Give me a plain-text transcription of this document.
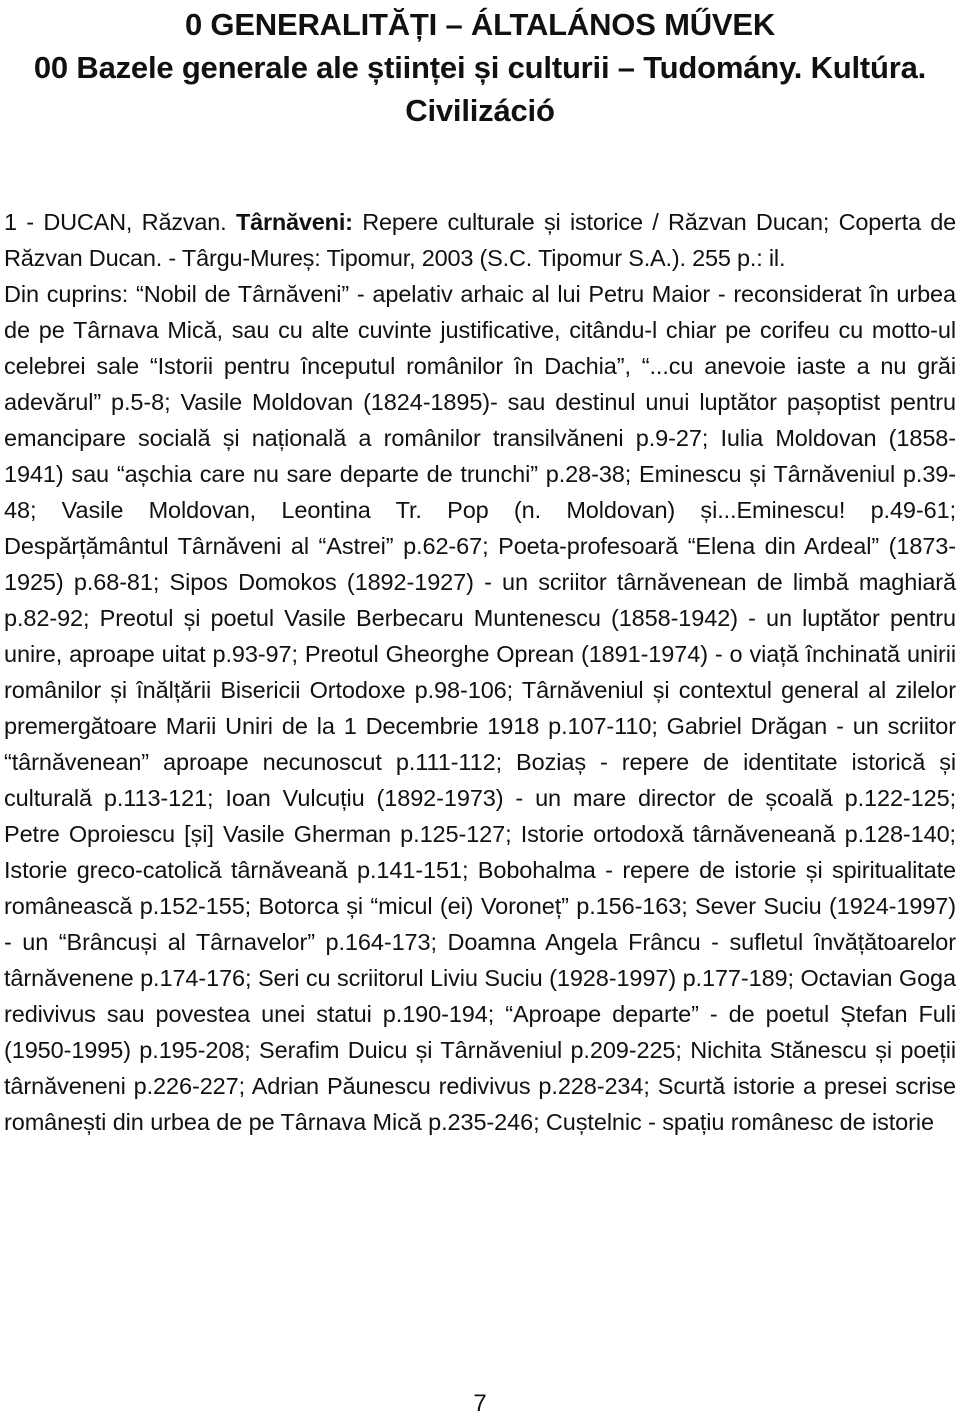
0 GENERALITĂȚI – ÁLTALÁNOS MŰVEK
00 Bazele generale ale științei și culturii – Tudomány. Kultúra.
Civilizáció

1 - DUCAN, Răzvan. Târnăveni: Repere culturale și istorice / Răzvan Ducan; Coperta de Răzvan Ducan. - Târgu-Mureș: Tipomur, 2003 (S.C. Tipomur S.A.). 255 p.: il.

Din cuprins: “Nobil de Târnăveni” - apelativ arhaic al lui Petru Maior - reconsiderat în urbea de pe Târnava Mică, sau cu alte cuvinte justificative, citându-l chiar pe corifeu cu motto-ul celebrei sale “Istorii pentru începutul românilor în Dachia”, “...cu anevoie iaste a nu grăi adevărul” p.5-8; Vasile Moldovan (1824-1895)- sau destinul unui luptător pașoptist pentru emancipare socială și națională a românilor transilvăneni p.9-27; Iulia Moldovan (1858-1941) sau “așchia care nu sare departe de trunchi” p.28-38; Eminescu și Târnăveniul p.39-48; Vasile Moldovan, Leontina Tr. Pop (n. Moldovan) și...Eminescu! p.49-61; Despărțământul Târnăveni al “Astrei” p.62-67; Poeta-profesoară “Elena din Ardeal” (1873-1925) p.68-81; Sipos Domokos (1892-1927) - un scriitor târnăvenean de limbă maghiară p.82-92; Preotul și poetul Vasile Berbecaru Muntenescu (1858-1942) - un luptător pentru unire, aproape uitat p.93-97; Preotul Gheorghe Oprean (1891-1974) - o viață închinată unirii românilor și înălțării Bisericii Ortodoxe p.98-106; Târnăveniul și contextul general al zilelor premergătoare Marii Uniri de la 1 Decembrie 1918 p.107-110; Gabriel Drăgan - un scriitor “târnăvenean” aproape necunoscut p.111-112; Boziaș - repere de identitate istorică și culturală p.113-121; Ioan Vulcuțiu (1892-1973) - un mare director de școală p.122-125; Petre Oproiescu [și] Vasile Gherman p.125-127; Istorie ortodoxă târnăveneană p.128-140; Istorie greco-catolică târnăveană p.141-151; Bobohalma - repere de istorie și spiritualitate românească p.152-155; Botorca și “micul (ei) Voroneț” p.156-163; Sever Suciu (1924-1997) - un “Brâncuși al Târnavelor” p.164-173; Doamna Angela Frâncu - sufletul învățătoarelor târnăvenene p.174-176; Seri cu scriitorul Liviu Suciu (1928-1997) p.177-189; Octavian Goga redivivus sau povestea unei statui p.190-194; “Aproape departe” - de poetul Ștefan Fuli (1950-1995) p.195-208; Serafim Duicu și Târnăveniul p.209-225; Nichita Stănescu și poeții târnăveneni p.226-227; Adrian Păunescu redivivus p.228-234; Scurtă istorie a presei scrise românești din urbea de pe Târnava Mică p.235-246; Cuștelnic - spațiu românesc de istorie

7
